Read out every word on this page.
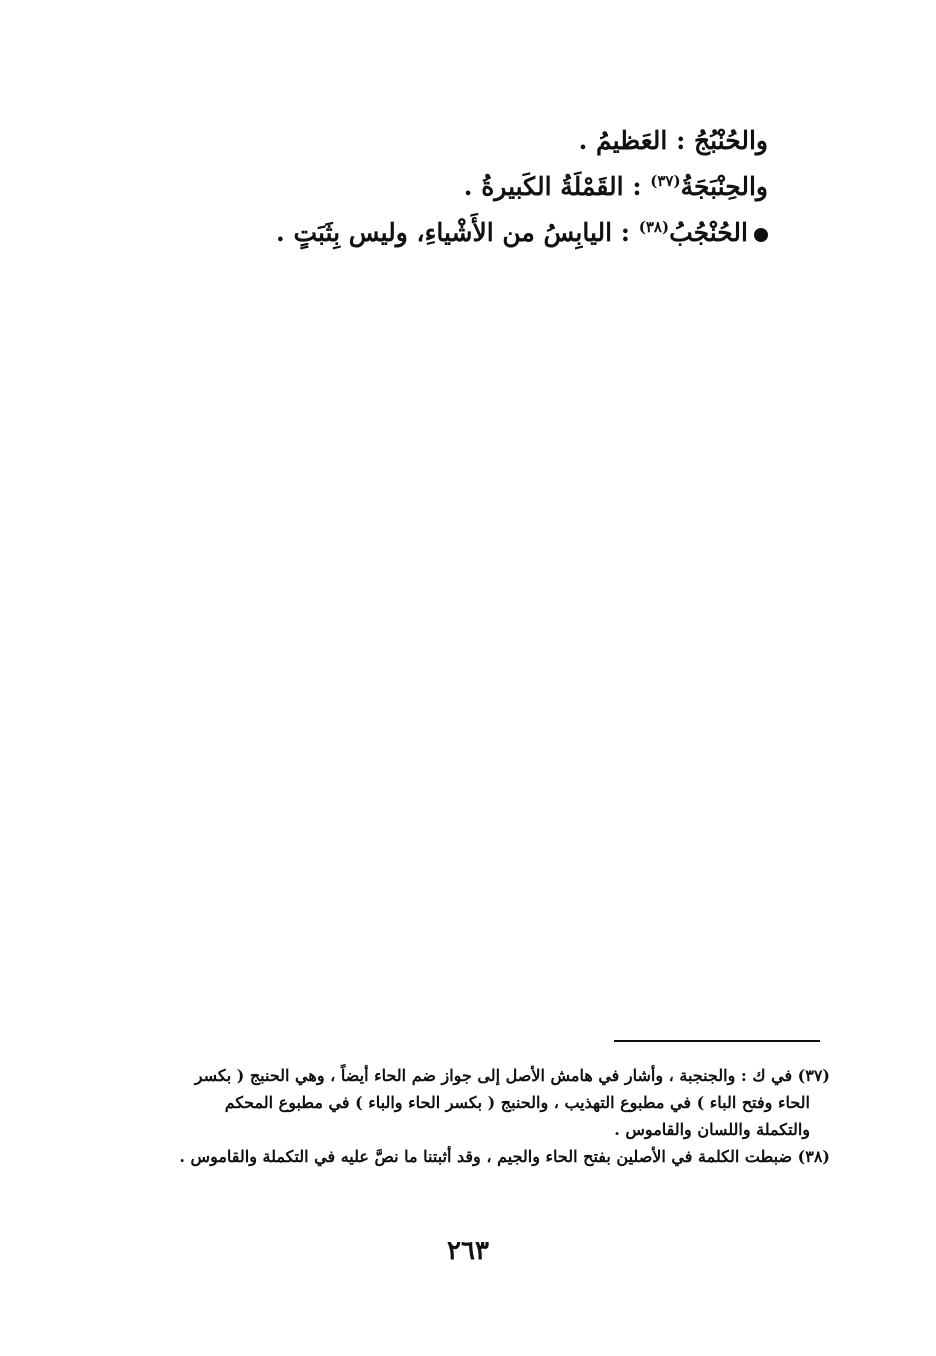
والحُنْبُجُ : العَظيمُ .
والحِنْبَجَةُ$^{(٣٧)}$ : القَمْلَةُ الكَبيرةُ .
الحُنْجُبُ$^{(٣٨)}$ : اليابِسُ من الأَشْياءِ، وليس بِثَبَتٍ .
(٣٧) في ك : والجنجبة ، وأشار في هامش الأصل إلى جواز ضم الحاء أيضاً ، وهي الحنبج ( بكسر
الحاء وفتح الباء ) في مطبوع التهذيب ، والحنبج ( بكسر الحاء والباء ) في مطبوع المحكم
والتكملة واللسان والقاموس .
(٣٨) ضبطت الكلمة في الأصلين بفتح الحاء والجيم ، وقد أثبتنا ما نصَّ عليه في التكملة والقاموس .
٢٦٣
